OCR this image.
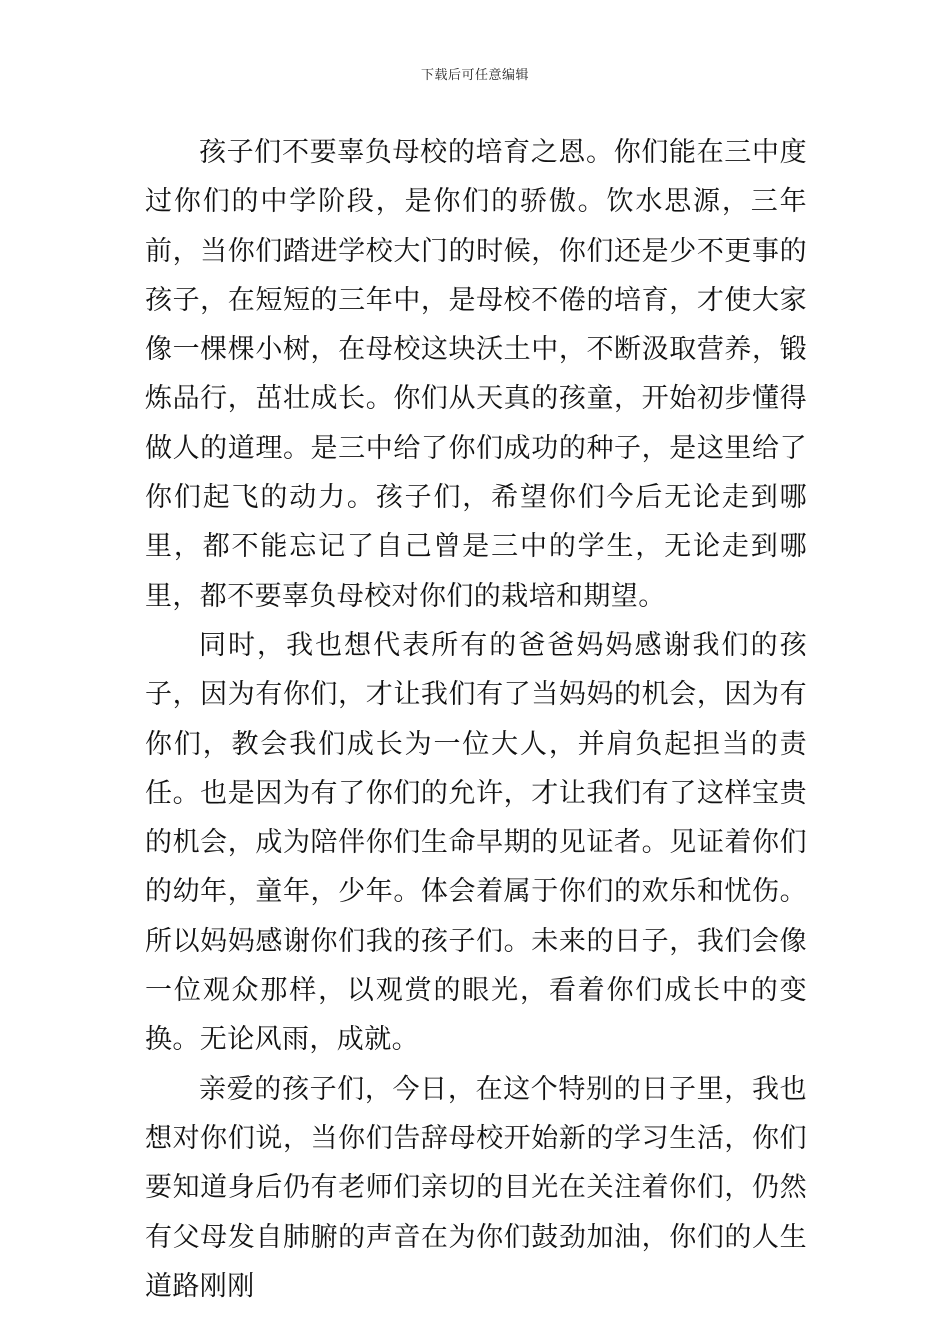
下载后可任意编辑

孩子们不要辜负母校的培育之恩。你们能在三中度过你们的中学阶段，是你们的骄傲。饮水思源，三年前，当你们踏进学校大门的时候，你们还是少不更事的孩子，在短短的三年中，是母校不倦的培育，才使大家像一棵棵小树，在母校这块沃土中，不断汲取营养，锻炼品行，茁壮成长。你们从天真的孩童，开始初步懂得做人的道理。是三中给了你们成功的种子，是这里给了你们起飞的动力。孩子们，希望你们今后无论走到哪里，都不能忘记了自己曾是三中的学生，无论走到哪里，都不要辜负母校对你们的栽培和期望。

同时，我也想代表所有的爸爸妈妈感谢我们的孩子，因为有你们，才让我们有了当妈妈的机会，因为有你们，教会我们成长为一位大人，并肩负起担当的责任。也是因为有了你们的允许，才让我们有了这样宝贵的机会，成为陪伴你们生命早期的见证者。见证着你们的幼年，童年，少年。体会着属于你们的欢乐和忧伤。所以妈妈感谢你们我的孩子们。未来的日子，我们会像一位观众那样，以观赏的眼光，看着你们成长中的变换。无论风雨，成就。

亲爱的孩子们，今日，在这个特别的日子里，我也想对你们说，当你们告辞母校开始新的学习生活，你们要知道身后仍有老师们亲切的目光在关注着你们，仍然有父母发自肺腑的声音在为你们鼓劲加油，你们的人生道路刚刚
